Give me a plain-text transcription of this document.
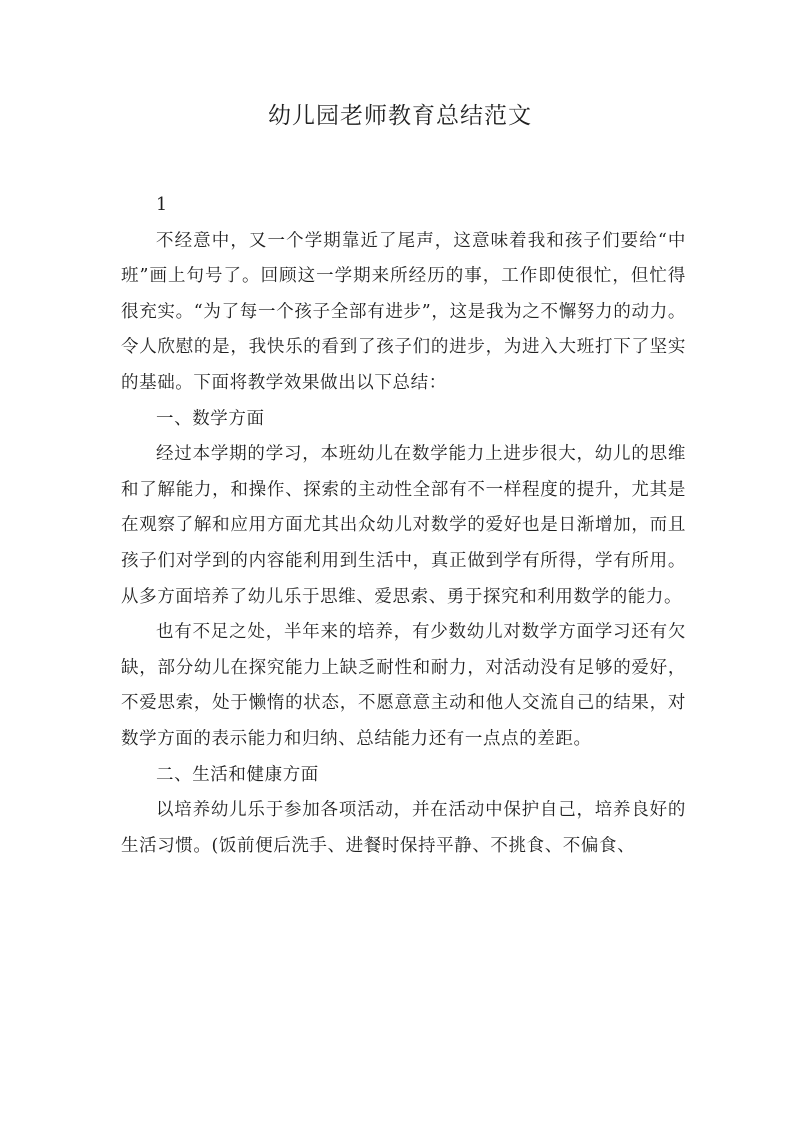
幼儿园老师教育总结范文

1

不经意中，又一个学期靠近了尾声，这意味着我和孩子们要给“中班”画上句号了。回顾这一学期来所经历的事，工作即使很忙，但忙得很充实。“为了每一个孩子全部有进步”，这是我为之不懈努力的动力。令人欣慰的是，我快乐的看到了孩子们的进步，为进入大班打下了坚实的基础。下面将教学效果做出以下总结：

一、数学方面

经过本学期的学习，本班幼儿在数学能力上进步很大，幼儿的思维和了解能力，和操作、探索的主动性全部有不一样程度的提升，尤其是在观察了解和应用方面尤其出众幼儿对数学的爱好也是日渐增加，而且孩子们对学到的内容能利用到生活中，真正做到学有所得，学有所用。从多方面培养了幼儿乐于思维、爱思索、勇于探究和利用数学的能力。

也有不足之处，半年来的培养，有少数幼儿对数学方面学习还有欠缺，部分幼儿在探究能力上缺乏耐性和耐力，对活动没有足够的爱好，不爱思索，处于懒惰的状态，不愿意意主动和他人交流自己的结果，对数学方面的表示能力和归纳、总结能力还有一点点的差距。

二、生活和健康方面

以培养幼儿乐于参加各项活动，并在活动中保护自己，培养良好的生活习惯。(饭前便后洗手、进餐时保持平静、不挑食、不偏食、
